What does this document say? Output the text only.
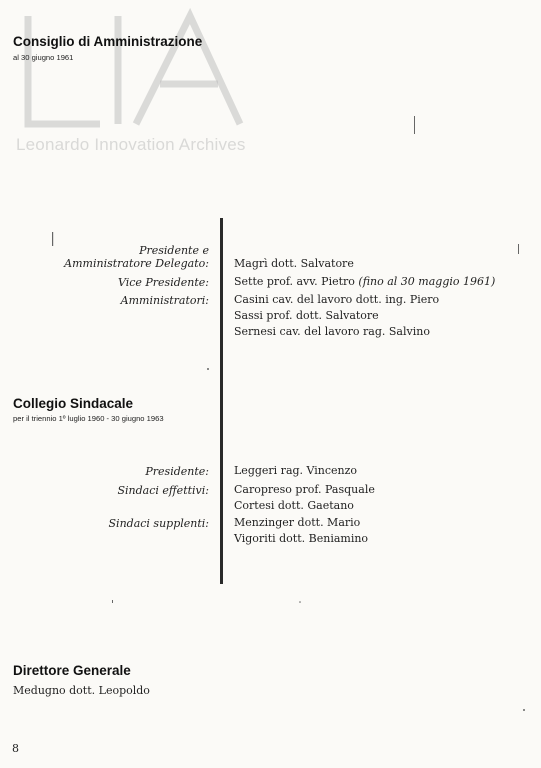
Leonardo Innovation Archives
Consiglio di Amministrazione
al 30 giugno 1961
Presidente e
Amministratore Delegato: Magrì dott. Salvatore
Vice Presidente: Sette prof. avv. Pietro (fino al 30 maggio 1961)
Amministratori: Casini cav. del lavoro dott. ing. Piero
Sassi prof. dott. Salvatore
Sernesi cav. del lavoro rag. Salvino
Collegio Sindacale
per il triennio 1º luglio 1960 - 30 giugno 1963
Presidente: Leggeri rag. Vincenzo
Sindaci effettivi: Caropreso prof. Pasquale
Cortesi dott. Gaetano
Sindaci supplenti: Menzinger dott. Mario
Vigoriti dott. Beniamino
Direttore Generale
Medugno dott. Leopoldo
8
